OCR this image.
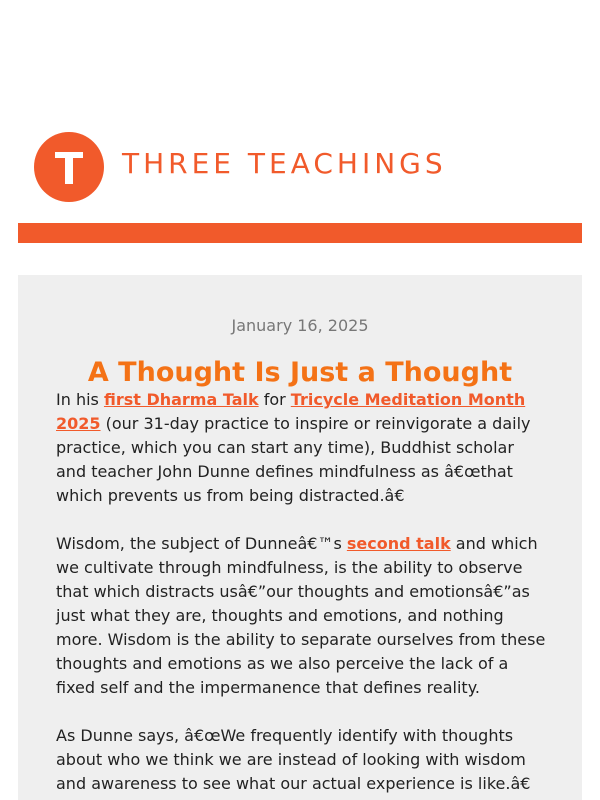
THREE TEACHINGS
January 16, 2025
A Thought Is Just a Thought

In his first Dharma Talk for Tricycle Meditation Month 2025 (our 31-day practice to inspire or reinvigorate a daily practice, which you can start any time), Buddhist scholar and teacher John Dunne defines mindfulness as â€œthat which prevents us from being distracted.â€

Wisdom, the subject of Dunneâ€™s second talk and which we cultivate through mindfulness, is the ability to observe that which distracts usâ€”our thoughts and emotionsâ€”as just what they are, thoughts and emotions, and nothing more. Wisdom is the ability to separate ourselves from these thoughts and emotions as we also perceive the lack of a fixed self and the impermanence that defines reality.

As Dunne says, â€œWe frequently identify with thoughts about who we think we are instead of looking with wisdom and awareness to see what our actual experience is like.â€
